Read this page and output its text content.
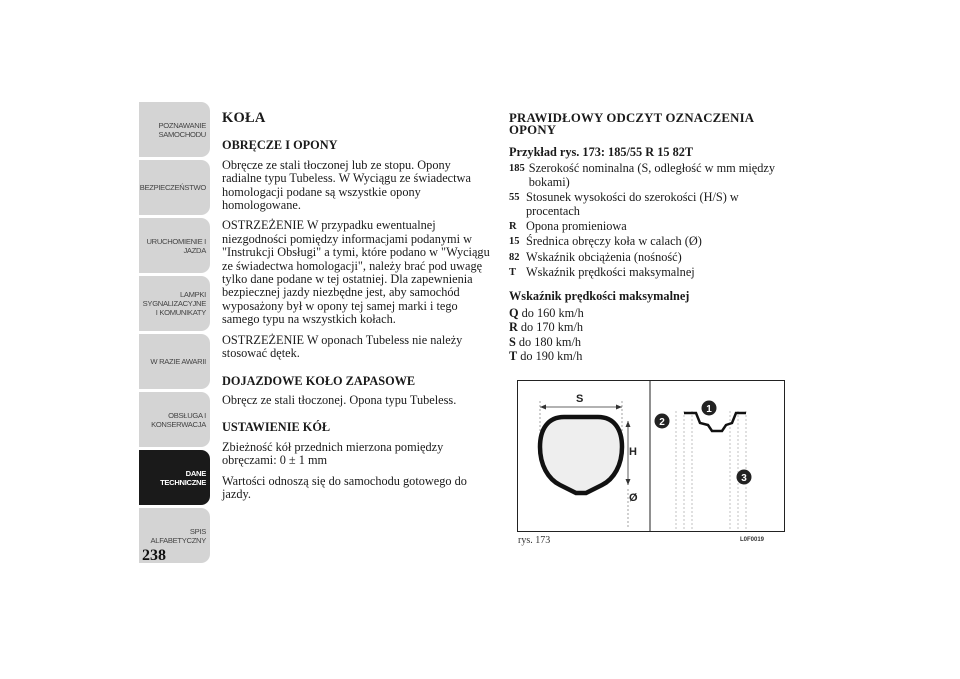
POZNAWANIE
SAMOCHODU
BEZPIECZEŃSTWO
URUCHOMIENIE I
JAZDA
LAMPKI
SYGNALIZACYJNE
I KOMUNIKATY
W RAZIE AWARII
OBSŁUGA I
KONSERWACJA
DANE
TECHNICZNE
SPIS
ALFABETYCZNY
238
KOŁA
OBRĘCZE I OPONY

Obręcze ze stali tłoczonej lub ze stopu. Opony radialne typu Tubeless. W Wyciągu ze świadectwa homologacji podane są wszystkie opony homologowane.

OSTRZEŻENIE W przypadku ewentualnej niezgodności pomiędzy informacjami podanymi w "Instrukcji Obsługi" a tymi, które podano w "Wyciągu ze świadectwa homologacji", należy brać pod uwagę tylko dane podane w tej ostatniej. Dla zapewnienia bezpiecznej jazdy niezbędne jest, aby samochód wyposażony był w opony tej samej marki i tego samego typu na wszystkich kołach.

OSTRZEŻENIE W oponach Tubeless nie należy stosować dętek.

DOJAZDOWE KOŁO ZAPASOWE

Obręcz ze stali tłoczonej. Opona typu Tubeless.

USTAWIENIE KÓŁ

Zbieżność kół przednich mierzona pomiędzy obręczami: 0 ± 1 mm

Wartości odnoszą się do samochodu gotowego do jazdy.

PRAWIDŁOWY ODCZYT OZNACZENIA OPONY
Przykład rys. 173: 185/55 R 15 82T
185 Szerokość nominalna (S, odległość w mm między bokami)
55 Stosunek wysokości do szerokości (H/S) w procentach
R Opona promieniowa
15 Średnica obręczy koła w calach (Ø)
82 Wskaźnik obciążenia (nośność)
T Wskaźnik prędkości maksymalnej
Wskaźnik prędkości maksymalnej
Q do 160 km/h
R do 170 km/h
S do 180 km/h
T do 190 km/h
S
H
Ø
1
2
3
rys. 173	L0F0019
